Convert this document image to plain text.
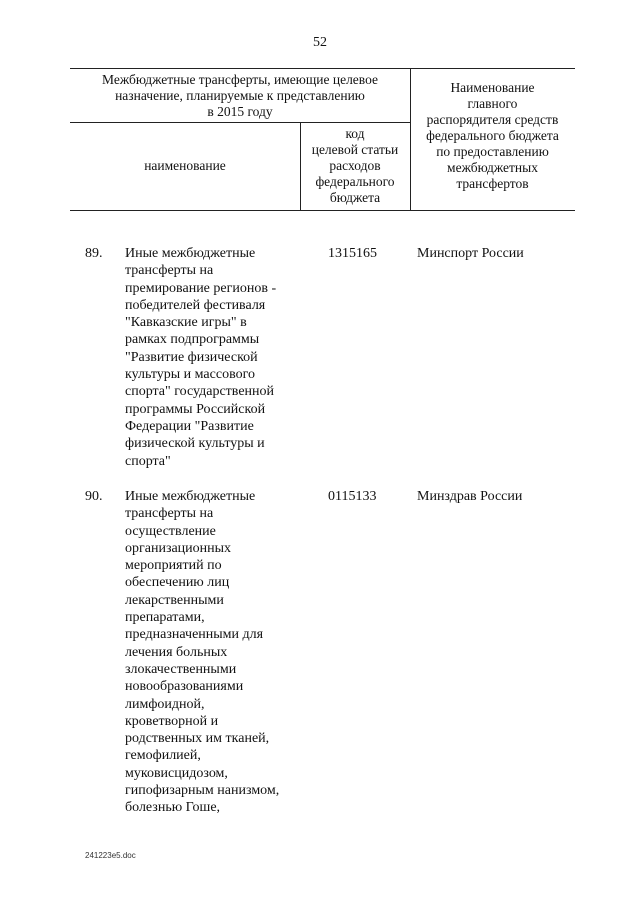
52
Межбюджетные трансферты, имеющие целевое
назначение, планируемые к представлению
в 2015 году
наименование
код
целевой статьи
расходов
федерального
бюджета
Наименование
главного
распорядителя средств
федерального бюджета
по предоставлению
межбюджетных
трансфертов
89.	Иные межбюджетные
трансферты на
премирование регионов -
победителей фестиваля
"Кавказские игры" в
рамках подпрограммы
"Развитие физической
культуры и массового
спорта" государственной
программы Российской
Федерации "Развитие
физической культуры и
спорта"
1315165	Минспорт России
90.	Иные межбюджетные
трансферты на
осуществление
организационных
мероприятий по
обеспечению лиц
лекарственными
препаратами,
предназначенными для
лечения больных
злокачественными
новообразованиями
лимфоидной,
кроветворной и
родственных им тканей,
гемофилией,
муковисцидозом,
гипофизарным нанизмом,
болезнью Гоше,
0115133	Минздрав России
241223e5.doc
